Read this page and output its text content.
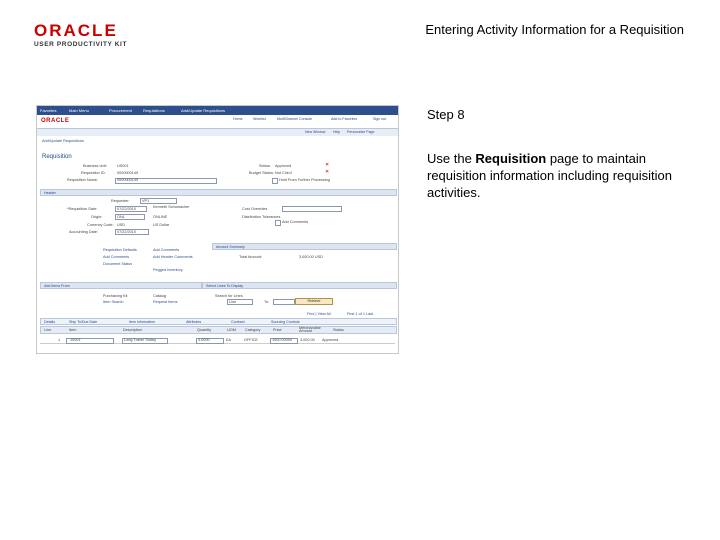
ORACLE
USER PRODUCTIVITY KIT
Entering Activity Information for a Requisition
Favorites	Main Menu	Procurement	Requisitions	Add/Update Requisitions
ORACLE	Home	Worklist	MultiChannel Console	Add to Favorites	Sign out
New Window Help Personalize Page
Add/Update Requisitions
Requisition
Business Unit:	US001
Requisition ID:	0000000149
Requisition Name:	0000000149
Status: Approved	✕
Budget Status: Not Chk'd	✕
Hold From Further Processing
Header
Requester:	VP1
Kenneth Schumacher
*Requisition Date:	07/22/2010
Origin:	ONL	ONLINE
Currency Code: USD	US Dollar
Accounting Date:	07/22/2010
Cost Overrides
Distribution Tolerances
Add Comments
Amount Summary
Total Amount:	3,000.00 USD
Requisition Defaults
Add Comments
Document Status
Add Comments
Add Header Comments
Pegged Inventory
Add Items From	Select Lines To Display
Purchasing Kit	Catalog
Item Search	Request Items
Search for Lines
Line	To:	Retrieve
Find | View All	First 1 of 1 Last
Details	Ship To/Due Date	Item Information	Attributes	Contract	Sourcing Controls
Line	Item	Description	Quantity	UOM Category	Price	Merchandise Amount	Status
1	10001	Long Travel Trolley	3.0000	EA	OFFICE	1000.00000 3,000.00 Approved
Step 8
Use the Requisition page to maintain requisition information including requisition activities.
